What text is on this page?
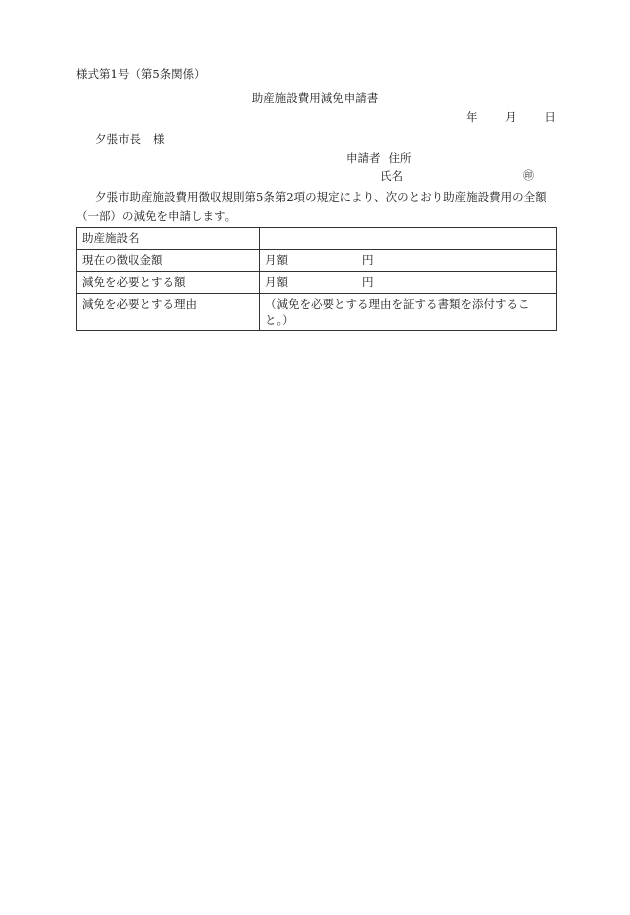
様式第1号（第5条関係）
助産施設費用減免申請書
年 月 日
夕張市長 様
申請者 住所
氏名	㊞
夕張市助産施設費用徴収規則第5条第2項の規定により、次のとおり助産施設費用の全額（一部）の減免を申請します。
助産施設名	
現在の徴収金額	月額 円
減免を必要とする額	月額 円
減免を必要とする理由	（減免を必要とする理由を証する書類を添付すること。）
